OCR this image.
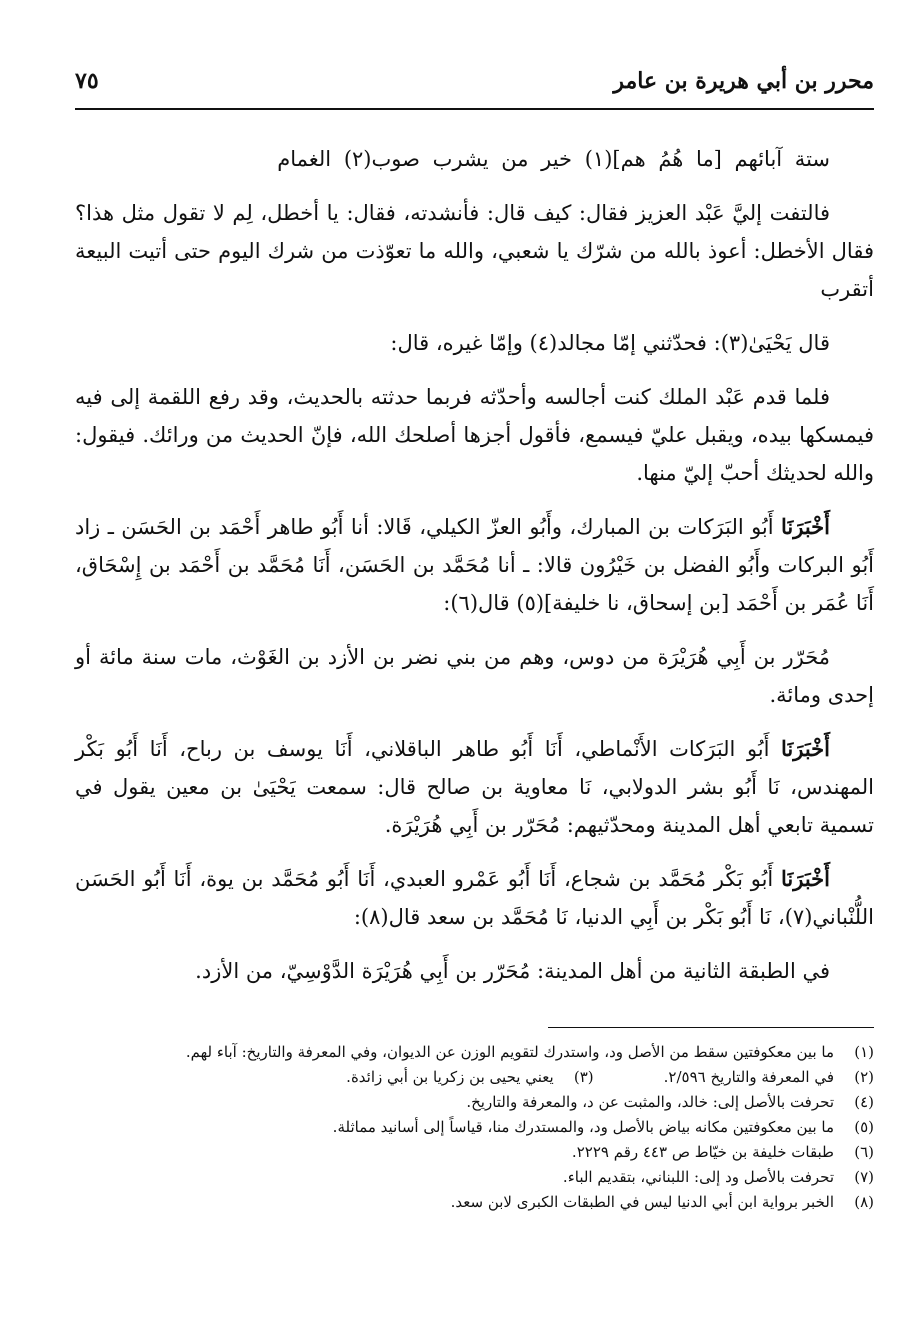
محرر بن أبي هريرة بن عامر
٧٥

ستة آبائهم [ما هُمُ هم](١) خير من يشرب صوب(٢) الغمام

فالتفت إليَّ عَبْد العزيز فقال: كيف قال: فأنشدته، فقال: يا أخطل، لِم لا تقول مثل هذا؟ فقال الأخطل: أعوذ بالله من شرّك يا شعبي، والله ما تعوّذت من شرك اليوم حتى أتيت البيعة أتقرب

قال يَحْيَىٰ(٣): فحدّثني إمّا مجالد(٤) وإمّا غيره، قال:

فلما قدم عَبْد الملك كنت أجالسه وأحدّثه فربما حدثته بالحديث، وقد رفع اللقمة إلى فيه فيمسكها بيده، ويقبل عليّ فيسمع، فأقول أجزها أصلحك الله، فإنّ الحديث من ورائك. فيقول: والله لحديثك أحبّ إليّ منها.

أَخْبَرَنَا أَبُو البَرَكات بن المبارك، وأَبُو العزّ الكيلي، قَالا: أنا أَبُو طاهر أَحْمَد بن الحَسَن ـ زاد أَبُو البركات وأَبُو الفضل بن خَيْرُون قالا: ـ أنا مُحَمَّد بن الحَسَن، أَنَا مُحَمَّد بن أَحْمَد بن إِسْحَاق، أَنَا عُمَر بن أَحْمَد [بن إسحاق، نا خليفة](٥) قال(٦):

مُحَرّر بن أَبِي هُرَيْرَة من دوس، وهم من بني نضر بن الأزد بن الغَوْث، مات سنة مائة أو إحدى ومائة.

أَخْبَرَنَا أَبُو البَرَكات الأَنْماطي، أَنَا أَبُو طاهر الباقلاني، أَنَا يوسف بن رباح، أَنَا أَبُو بَكْر المهندس، نَا أَبُو بشر الدولابي، نَا معاوية بن صالح قال: سمعت يَحْيَىٰ بن معين يقول في تسمية تابعي أهل المدينة ومحدّثيهم: مُحَرّر بن أَبِي هُرَيْرَة.

أَخْبَرَنَا أَبُو بَكْر مُحَمَّد بن شجاع، أَنَا أَبُو عَمْرو العبدي، أَنَا أَبُو مُحَمَّد بن يوة، أَنَا أَبُو الحَسَن اللُّنْباني(٧)، نَا أَبُو بَكْر بن أَبِي الدنيا، نَا مُحَمَّد بن سعد قال(٨):

في الطبقة الثانية من أهل المدينة: مُحَرّر بن أَبِي هُرَيْرَة الدَّوْسِيّ، من الأزد.

(١)
ما بين معكوفتين سقط من الأصل ود، واستدرك لتقويم الوزن عن الديوان، وفي المعرفة والتاريخ: آباء لهم.
(٢)
في المعرفة والتاريخ ٢/٥٩٦.
(٣)
يعني يحيى بن زكريا بن أبي زائدة.
(٤)
تحرفت بالأصل إلى: خالد، والمثبت عن د، والمعرفة والتاريخ.
(٥)
ما بين معكوفتين مكانه بياض بالأصل ود، والمستدرك منا، قياساً إلى أسانيد مماثلة.
(٦)
طبقات خليفة بن خيّاط ص ٤٤٣ رقم ٢٢٢٩.
(٧)
تحرفت بالأصل ود إلى: اللبناني، بتقديم الباء.
(٨)
الخبر برواية ابن أبي الدنيا ليس في الطبقات الكبرى لابن سعد.
